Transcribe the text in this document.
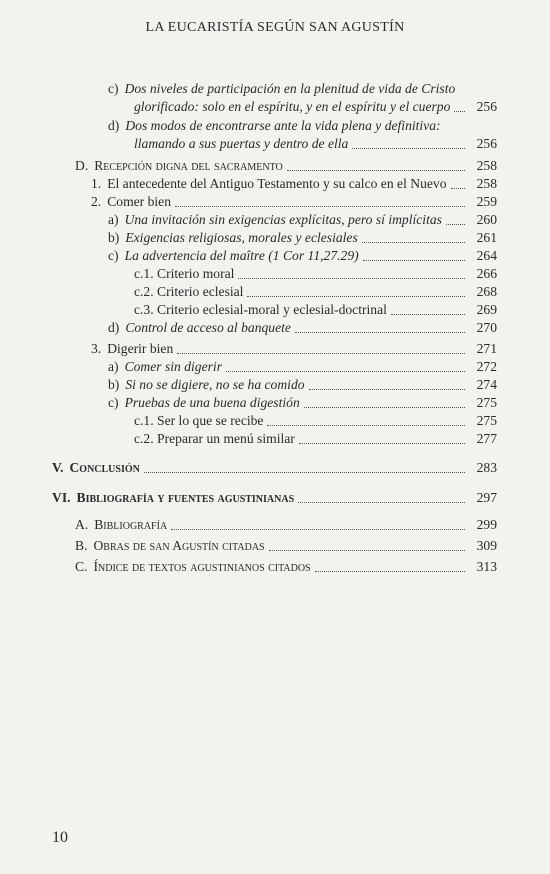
LA EUCARISTÍA SEGÚN SAN AGUSTÍN
c) Dos niveles de participación en la plenitud de vida de Cristo
glorificado: solo en el espíritu, y en el espíritu y el cuerpo	256
d) Dos modos de encontrarse ante la vida plena y definitiva:
llamando a sus puertas y dentro de ella	256
D. Recepción digna del sacramento	258
1. El antecedente del Antiguo Testamento y su calco en el Nuevo	258
2. Comer bien	259
a) Una invitación sin exigencias explícitas, pero sí implícitas	260
b) Exigencias religiosas, morales y eclesiales	261
c) La advertencia del maître (1 Cor 11,27.29)	264
c.1. Criterio moral	266
c.2. Criterio eclesial	268
c.3. Criterio eclesial-moral y eclesial-doctrinal	269
d) Control de acceso al banquete	270
3. Digerir bien	271
a) Comer sin digerir	272
b) Si no se digiere, no se ha comido	274
c) Pruebas de una buena digestión	275
c.1. Ser lo que se recibe	275
c.2. Preparar un menú similar	277
V. Conclusión	283
VI. Bibliografía y fuentes agustinianas	297
A. Bibliografía	299
B. Obras de san Agustín citadas	309
C. Índice de textos agustinianos citados	313
10
